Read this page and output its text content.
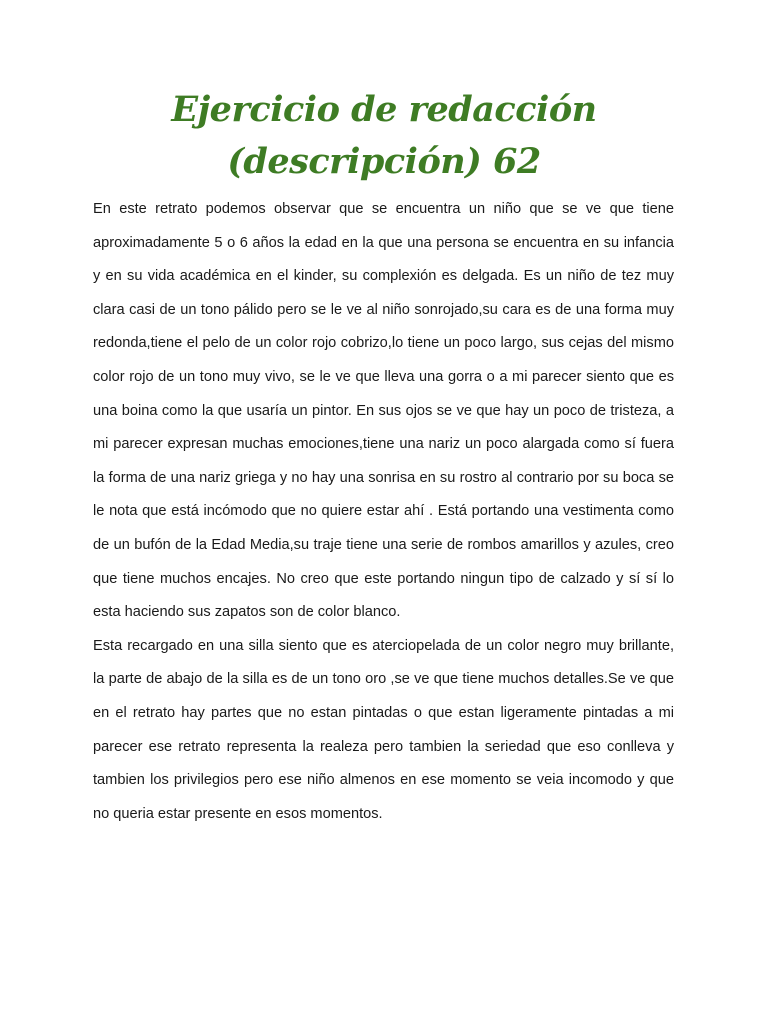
Ejercicio de redacción
(descripción) 62

En este retrato podemos observar que se encuentra un niño que se ve que tiene aproximadamente 5 o 6 años la edad en la que una persona se encuentra en su infancia y en su vida académica en el kinder, su complexión es delgada. Es un niño de tez muy clara casi de un tono pálido pero se le ve al niño sonrojado,su cara es de una forma muy redonda,tiene el pelo de un color rojo cobrizo,lo tiene un poco largo, sus cejas del mismo color rojo de un tono muy vivo, se le ve que lleva una gorra o a mi parecer siento que es una boina como la que usaría un pintor. En sus ojos se ve que hay un poco de tristeza, a mi parecer expresan muchas emociones,tiene una nariz un poco alargada como sí fuera la forma de una nariz griega y no hay una sonrisa en su rostro al contrario por su boca se le nota que está incómodo que no quiere estar ahí . Está portando una vestimenta como de un bufón de la Edad Media,su traje tiene una serie de rombos amarillos y azules, creo que tiene muchos encajes. No creo que este portando ningun tipo de calzado y sí sí lo esta haciendo sus zapatos son de color blanco.

Esta recargado en una silla siento que es aterciopelada de un color negro muy brillante, la parte de abajo de la silla es de un tono oro ,se ve que tiene muchos detalles.Se ve que en el retrato hay partes que no estan pintadas o que estan ligeramente pintadas a mi parecer ese retrato representa la realeza pero tambien la seriedad que eso conlleva y tambien los privilegios pero ese niño almenos en ese momento se veia incomodo y que no queria estar presente en esos momentos.
